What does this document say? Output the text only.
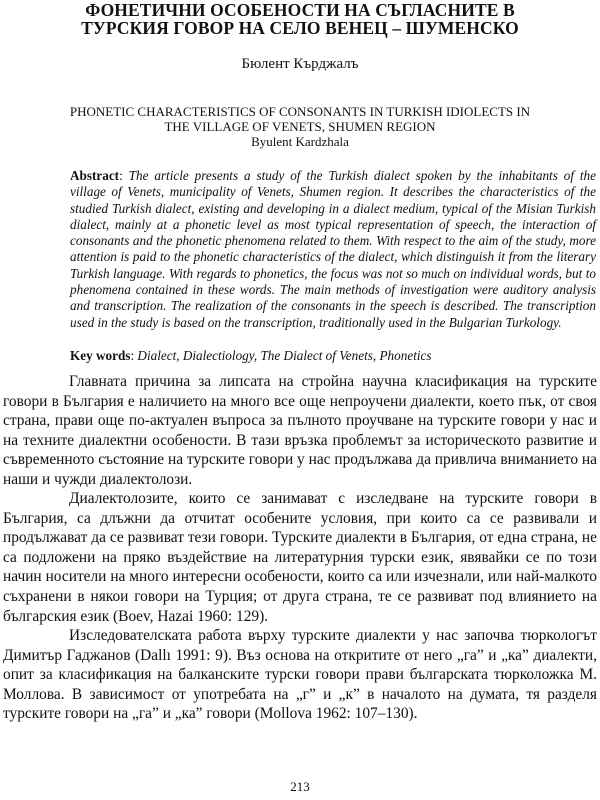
ФОНЕТИЧНИ ОСОБЕНОСТИ НА СЪГЛАСНИТЕ В
ТУРСКИЯ ГОВОР НА СЕЛО ВЕНЕЦ – ШУМЕНСКО
Бюлент Кърджалъ
PHONETIC CHARACTERISTICS OF CONSONANTS IN TURKISH IDIOLECTS IN
THE VILLAGE OF VENETS, SHUMEN REGION
Byulent Kardzhala

Abstract: The article presents a study of the Turkish dialect spoken by the inhabitants of the village of Venets, municipality of Venets, Shumen region. It describes the characteristics of the studied Turkish dialect, existing and developing in a dialect medium, typical of the Misian Turkish dialect, mainly at a phonetic level as most typical representation of speech, the interaction of consonants and the phonetic phenomena related to them. With respect to the aim of the study, more attention is paid to the phonetic characteristics of the dialect, which distinguish it from the literary Turkish language. With regards to phonetics, the focus was not so much on individual words, but to phenomena contained in these words. The main methods of investigation were auditory analysis and transcription. The realization of the consonants in the speech is described. The transcription used in the study is based on the transcription, traditionally used in the Bulgarian Turkology.

Key words: Dialect, Dialectiology, The Dialect of Venets, Phonetics

Главната причина за липсата на стройна научна класификация на турските говори в България е наличието на много все още непроучени диалекти, което пък, от своя страна, прави още по-актуален въпроса за пълното проучване на турските говори у нас и на техните диалектни особености. В тази връзка проблемът за историческото развитие и съвременното състояние на турските говори у нас продължава да привлича вниманието на наши и чужди диалектолози.

Диалектолозите, които се занимават с изследване на турските говори в България, са длъжни да отчитат особените условия, при които са се развивали и продължават да се развиват тези говори. Турските диалекти в България, от една страна, не са подложени на пряко въздействие на литературния турски език, явявайки се по този начин носители на много интересни особености, които са или изчезнали, или най-малкото съхранени в някои говори на Турция; от друга страна, те се развиват под влиянието на българския език (Boev, Hazai 1960: 129).

Изследователската работа върху турските диалекти у нас започва тюркологът Димитър Гаджанов (Dallı 1991: 9). Въз основа на откритите от него „га” и „ка” диалекти, опит за класификация на балканските турски говори прави българската тюрколожка М. Моллова. В зависимост от употребата на „г” и „к” в началото на думата, тя разделя турските говори на „га” и „ка” говори (Mollova 1962: 107–130).

213
